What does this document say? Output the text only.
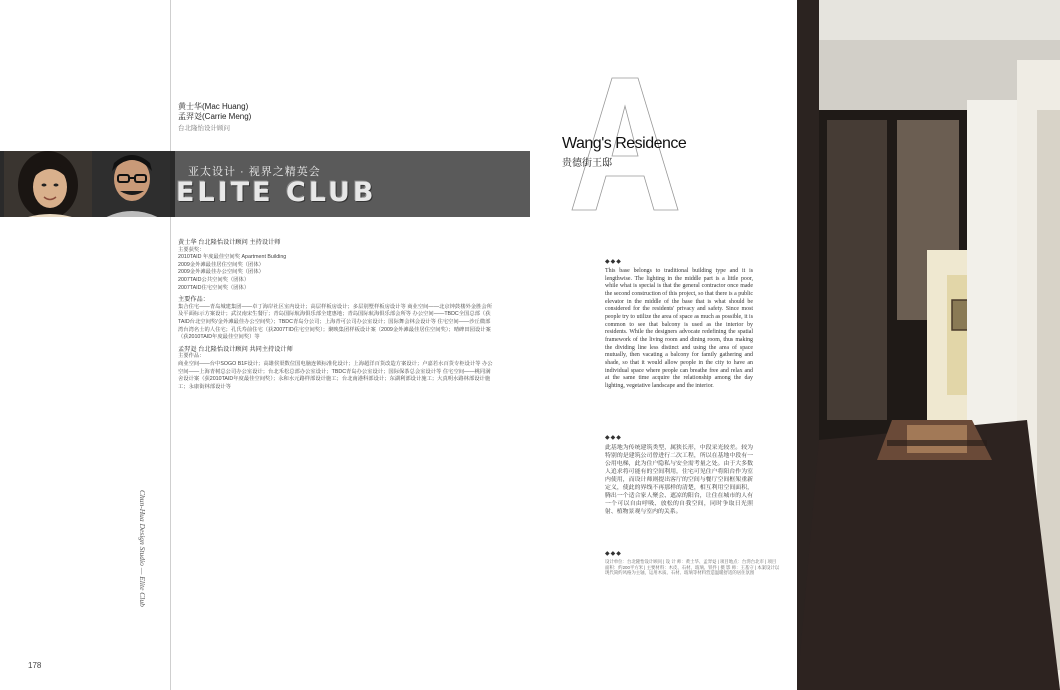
Chun-Hua Design Studio — Elite Club
黄士华(Mac Huang)
孟羿彣(Carrie Meng)
台北隆怡设计顾问
亚太设计 · 视界之精英会
ELITE CLUB
黄士华 台北隆怡设计顾问 主持设计师
主要获奖：
2010TAID 年度最佳空间奖 Apartment Building
2009金外滩最佳居住空间奖（团体）
2009金外滩最佳办公空间奖（团体）
2007TAID公共空间奖（团体）
2007TAID住宅空间奖（团体）
主要作品：

集合住宅——青岛城建集团——卓丁海岸社区室内设计；高层样板房设计；多层别墅样板房设计等 商业空间——北京钟鼓楼外金胜会所及平面标示方案设计；武汉南宋生餐厅；青岛国际航海俱乐部全建惠地；青岛国际航海俱乐部会所等 办公空间——TBDC全国总部（获TAID台北空间奖/金外滩最佳办公空间奖）；TBDC青岛分公司；上海青可公司办公室设计；国际舞会林会设计等 住宅空间——沙丘微部湾台湾名士的人住宅；孔氏寿前住宅（获2007TID住宅空间奖）；聚映集团样板设计案（2009金外滩最佳居住空间奖）；晴碑田园设计案（获2010TAID年度最佳空间奖）等

孟羿彣 台北隆怡设计顾问 共同主持设计师
主要作品：

商业空间——台中SOGO B1F设计；高雄侯渠数位国电脑连锁标准化设计；上海超洋百货改造方案设计；卢嘉若水百货专柜设计等 办公空间——上海青树总公司办公室设计；台北禾松总部办公室设计；TBDC青岛办公室设计；国际保茶总会室设计等 住宅空间——桃同满舍设计案（获2010TAID年度最佳空间奖）；永和水元路样部设计施工；台北南港科部设计；东湖利部设计施工；大真明水路林部设计施工；永康街林部设计等

178
Wang's Residence
贵德街王邸
◆◆◆

This base belongs to traditional building type and it is lengthwise. The lighting in the middle part is a little poor, while what is special is that the general contractor once made the second construction of this project, so that there is a public elevator in the middle of the base that is what should be considered for the residents' privacy and safety. Since most people try to utilize the area of space as much as possible, it is common to see that balcony is used as the interior by residents. While the designers advocate redefining the spatial framework of the living room and dining room, thus making the dividing line less distinct and using the area of space mutually, then vacating a balcony for family gathering and shade, so that it would allow people in the city to have an individual space where people can breathe free and relax and at the same time acquire the relationship among the day lighting, vegetative landscape and the interior.

◆◆◆

此基地为传统建筑类型，属狭长形，中段采光较差。较为特别的是建筑公司曾进行二次工程，所以在基地中段有一公用电梯，此为住户隐私与安全需考量之处。由于大多数人追求将可能有的空间利用，住宅可见住户将阳台作为室内使用，而设计师则提出客厅的空间与餐厅空间框架重新定义，使此的界线不再那样的清楚，相互利用空间面积，腾出一个适合家人聚会、遮凉的阳台，让住在城市的人有一个可以自由呼吸、放松的自我空间，同时争取日光照射、植物景观与室内的关系。

◆◆◆

设计单位：台北隆怡设计顾问 | 设 计 师：黄士华、孟羿彣 | 项目地点：台湾台北市 | 项目面积：约200平方米 | 主要材料：木皮、石材、玻璃、铁件 | 摄 影 师：王基守 | 本案设计以现代简约风格为主轴，运用木质、石材、玻璃等材料营造温暖舒适的居住氛围
